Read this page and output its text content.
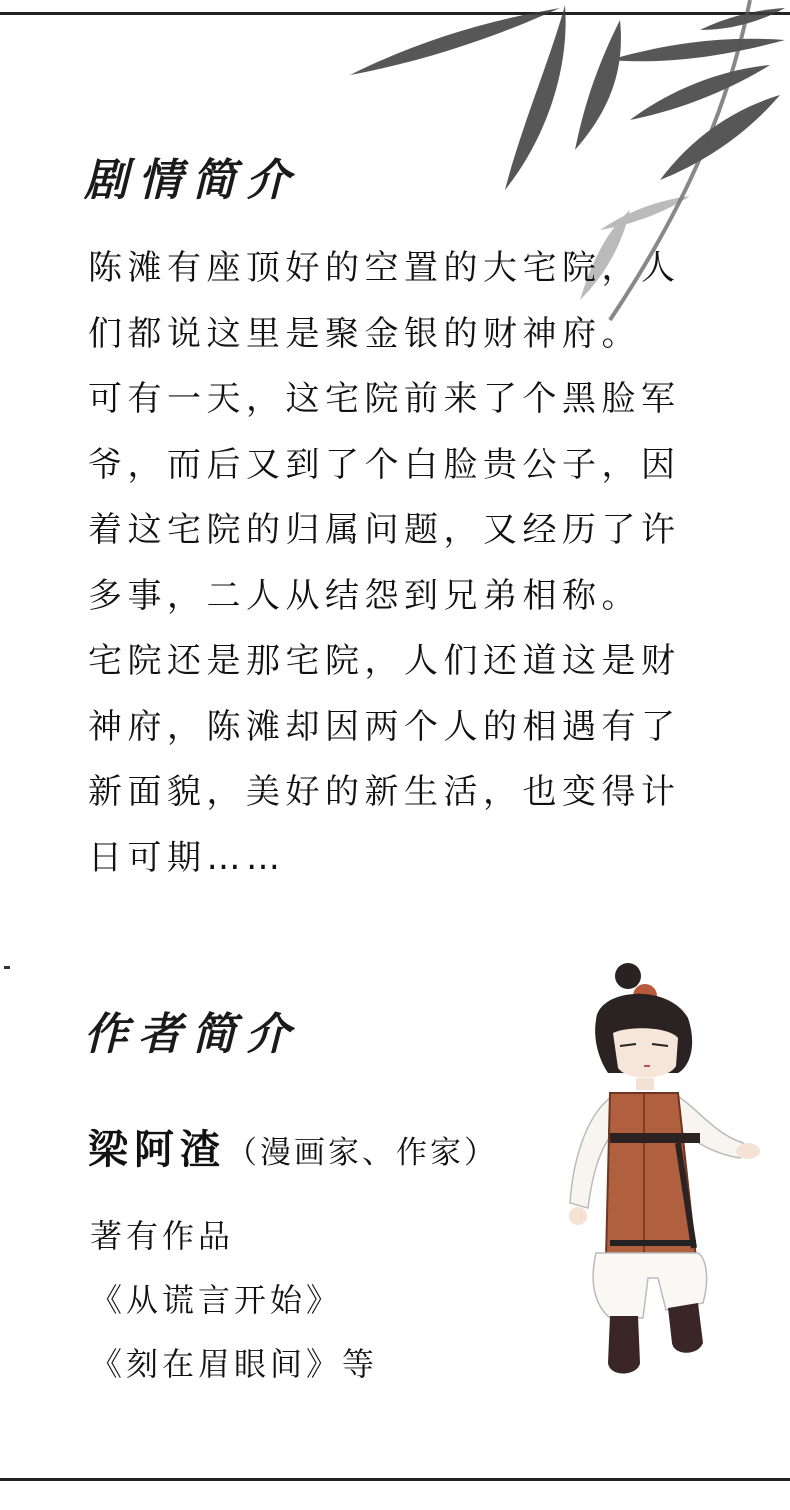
剧情简介

陈滩有座顶好的空置的大宅院，人们都说这里是聚金银的财神府。

可有一天，这宅院前来了个黑脸军爷，而后又到了个白脸贵公子，因着这宅院的归属问题，又经历了许多事，二人从结怨到兄弟相称。

宅院还是那宅院，人们还道这是财神府，陈滩却因两个人的相遇有了新面貌，美好的新生活，也变得计日可期……

作者简介
梁阿渣（漫画家、作家）
著有作品
《从谎言开始》
《刻在眉眼间》等
